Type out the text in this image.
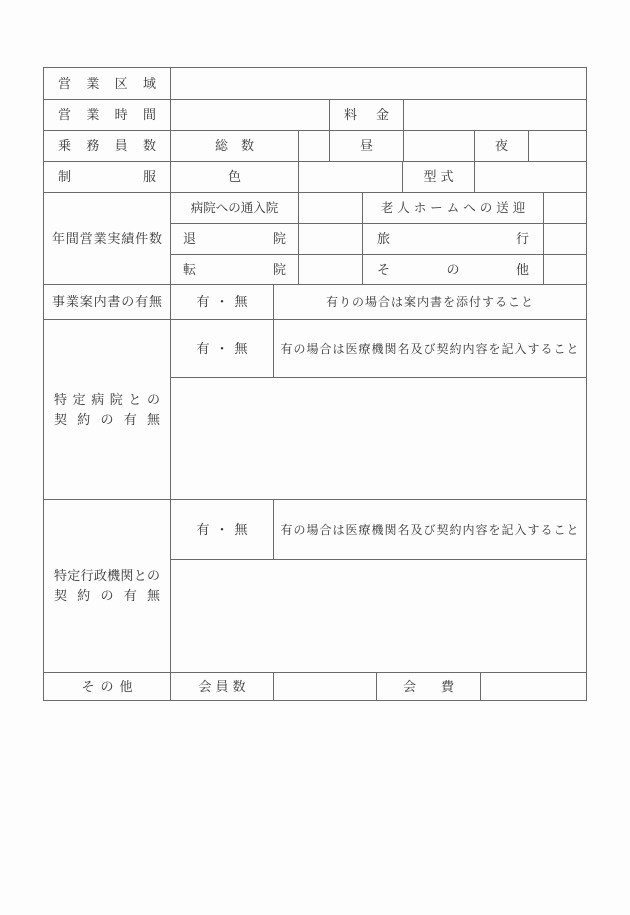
営業区域
営業時間	料金
乗務員数	総数	昼	夜
制服	色	型式
年間営業実績件数
病院への通入院	老人ホームへの送迎
退院	旅行
転院	その他
事業案内書の有無	有・無	有りの場合は案内書を添付すること
特定病院との
契約の有無
有・無 有の場合は医療機関名及び契約内容を記入すること
特定行政機関との
契約の有無
有・無 有の場合は医療機関名及び契約内容を記入すること
その他	会員数	会費
